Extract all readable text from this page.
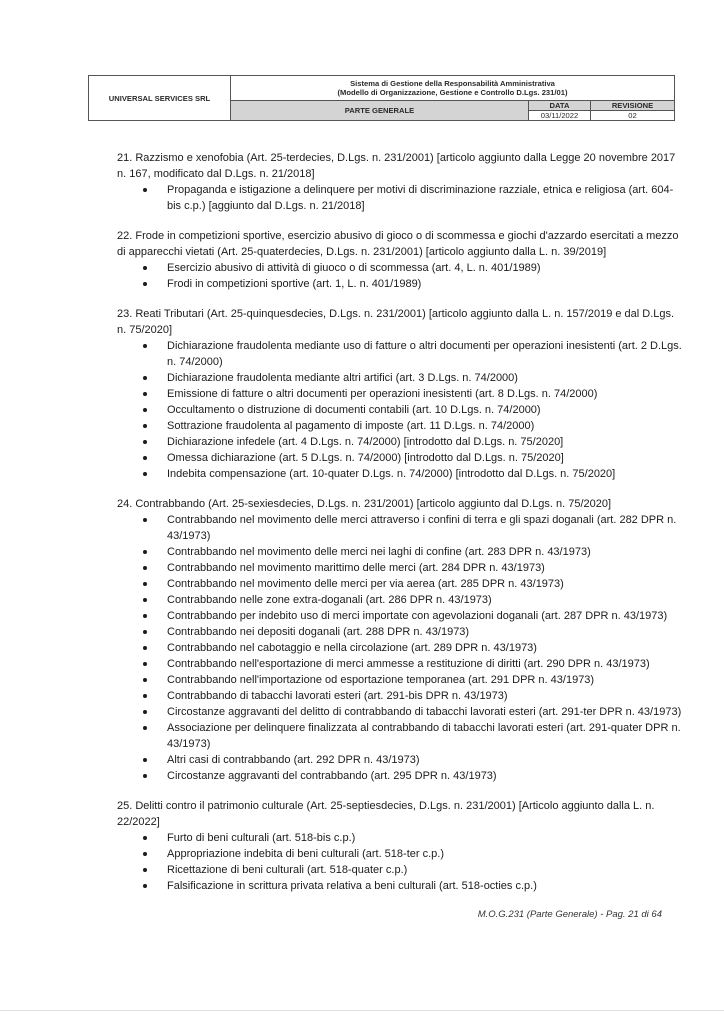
UNIVERSAL SERVICES SRL	Sistema di Gestione della Responsabilità Amministrativa
(Modello di Organizzazione, Gestione e Controllo D.Lgs. 231/01)		

	PARTE GENERALE	DATA	REVISIONE
		03/11/2022	02

21. Razzismo e xenofobia (Art. 25-terdecies, D.Lgs. n. 231/2001) [articolo aggiunto dalla Legge 20 novembre 2017 n. 167, modificato dal D.Lgs. n. 21/2018]

Propaganda e istigazione a delinquere per motivi di discriminazione razziale, etnica e religiosa (art. 604-bis c.p.) [aggiunto dal D.Lgs. n. 21/2018]

22. Frode in competizioni sportive, esercizio abusivo di gioco o di scommessa e giochi d'azzardo esercitati a mezzo di apparecchi vietati (Art. 25-quaterdecies, D.Lgs. n. 231/2001) [articolo aggiunto dalla L. n. 39/2019]

Esercizio abusivo di attività di giuoco o di scommessa (art. 4, L. n. 401/1989)
Frodi in competizioni sportive (art. 1, L. n. 401/1989)

23. Reati Tributari (Art. 25-quinquesdecies, D.Lgs. n. 231/2001) [articolo aggiunto dalla L. n. 157/2019 e dal D.Lgs. n. 75/2020]

Dichiarazione fraudolenta mediante uso di fatture o altri documenti per operazioni inesistenti (art. 2 D.Lgs. n. 74/2000)
Dichiarazione fraudolenta mediante altri artifici (art. 3 D.Lgs. n. 74/2000)
Emissione di fatture o altri documenti per operazioni inesistenti (art. 8 D.Lgs. n. 74/2000)
Occultamento o distruzione di documenti contabili (art. 10 D.Lgs. n. 74/2000)
Sottrazione fraudolenta al pagamento di imposte (art. 11 D.Lgs. n. 74/2000)
Dichiarazione infedele (art. 4 D.Lgs. n. 74/2000) [introdotto dal D.Lgs. n. 75/2020]
Omessa dichiarazione (art. 5 D.Lgs. n. 74/2000) [introdotto dal D.Lgs. n. 75/2020]
Indebita compensazione (art. 10-quater D.Lgs. n. 74/2000) [introdotto dal D.Lgs. n. 75/2020]

24. Contrabbando (Art. 25-sexiesdecies, D.Lgs. n. 231/2001) [articolo aggiunto dal D.Lgs. n. 75/2020]

Contrabbando nel movimento delle merci attraverso i confini di terra e gli spazi doganali (art. 282 DPR n. 43/1973)
Contrabbando nel movimento delle merci nei laghi di confine (art. 283 DPR n. 43/1973)
Contrabbando nel movimento marittimo delle merci (art. 284 DPR n. 43/1973)
Contrabbando nel movimento delle merci per via aerea (art. 285 DPR n. 43/1973)
Contrabbando nelle zone extra-doganali (art. 286 DPR n. 43/1973)
Contrabbando per indebito uso di merci importate con agevolazioni doganali (art. 287 DPR n. 43/1973)
Contrabbando nei depositi doganali (art. 288 DPR n. 43/1973)
Contrabbando nel cabotaggio e nella circolazione (art. 289 DPR n. 43/1973)
Contrabbando nell'esportazione di merci ammesse a restituzione di diritti (art. 290 DPR n. 43/1973)
Contrabbando nell'importazione od esportazione temporanea (art. 291 DPR n. 43/1973)
Contrabbando di tabacchi lavorati esteri (art. 291-bis DPR n. 43/1973)
Circostanze aggravanti del delitto di contrabbando di tabacchi lavorati esteri (art. 291-ter DPR n. 43/1973)
Associazione per delinquere finalizzata al contrabbando di tabacchi lavorati esteri (art. 291-quater DPR n. 43/1973)
Altri casi di contrabbando (art. 292 DPR n. 43/1973)
Circostanze aggravanti del contrabbando (art. 295 DPR n. 43/1973)

25. Delitti contro il patrimonio culturale (Art. 25-septiesdecies, D.Lgs. n. 231/2001) [Articolo aggiunto dalla L. n. 22/2022]

Furto di beni culturali (art. 518-bis c.p.)
Appropriazione indebita di beni culturali (art. 518-ter c.p.)
Ricettazione di beni culturali (art. 518-quater c.p.)
Falsificazione in scrittura privata relativa a beni culturali (art. 518-octies c.p.)
M.O.G.231 (Parte Generale) - Pag. 21 di 64
